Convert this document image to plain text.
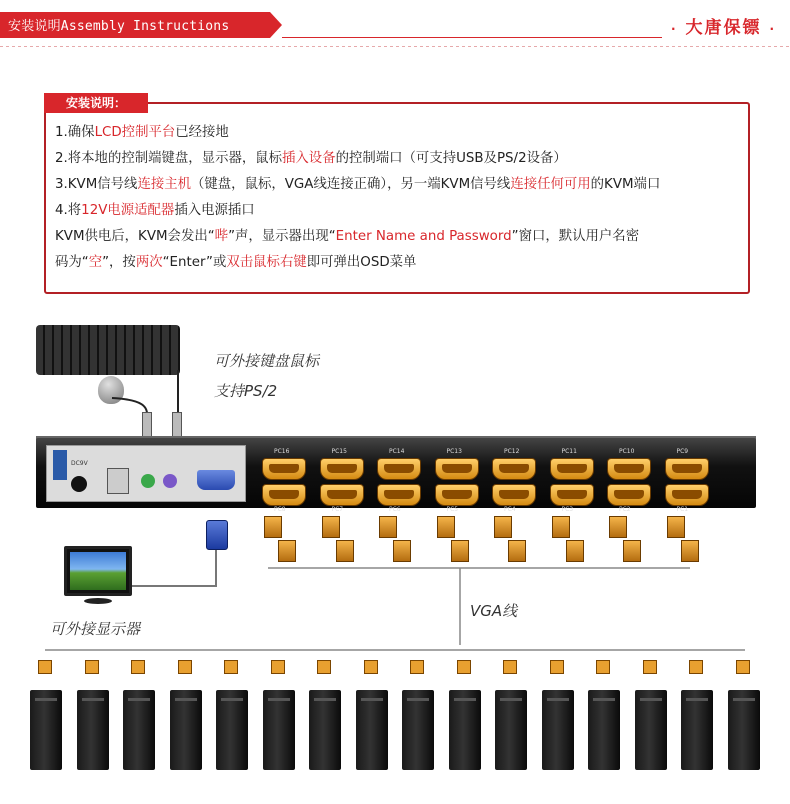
安装说明Assembly Instructions	· 大唐保镖 ·
安装说明：
1.确保LCD控制平台已经接地
2.将本地的控制端键盘，显示器，鼠标插入设备的控制端口（可支持USB及PS/2设备）
3.KVM信号线连接主机（键盘，鼠标，VGA线连接正确），另一端KVM信号线连接任何可用的KVM端口
4.将12V电源适配器插入电源插口
KVM供电后，KVM会发出“哔”声，显示器出现“Enter Name and Password”窗口，默认用户名密
码为“空”，按两次“Enter”或双击鼠标右键即可弹出OSD菜单
可外接键盘鼠标
支持PS/2
DC9V
PC16	PC15	PC14	PC13	PC12	PC11	PC10	PC9
PC8	PC7	PC6	PC5	PC4	PC3	PC2	PC1
可外接显示器
VGA线
